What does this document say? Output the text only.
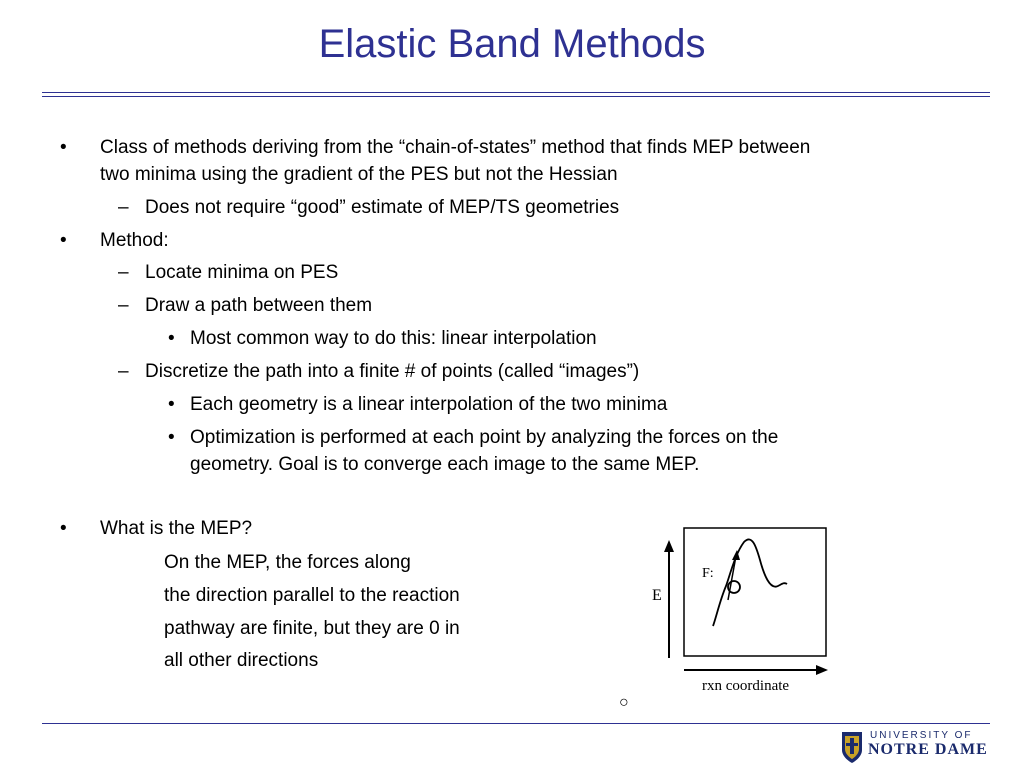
Elastic Band Methods
• Class of methods deriving from the “chain-of-states” method that finds MEP between
two minima using the gradient of the PES but not the Hessian
– Does not require “good” estimate of MEP/TS geometries
• Method:
– Locate minima on PES
– Draw a path between them
• Most common way to do this: linear interpolation
– Discretize the path into a finite # of points (called “images”)
• Each geometry is a linear interpolation of the two minima
• Optimization is performed at each point by analyzing the forces on the
geometry. Goal is to converge each image to the same MEP.
• What is the MEP?
On the MEP, the forces along
the direction parallel to the reaction
pathway are finite, but they are 0 in
all other directions
E
rxn coordinate
F:
○
UNIVERSITY OF
NOTRE DAME
